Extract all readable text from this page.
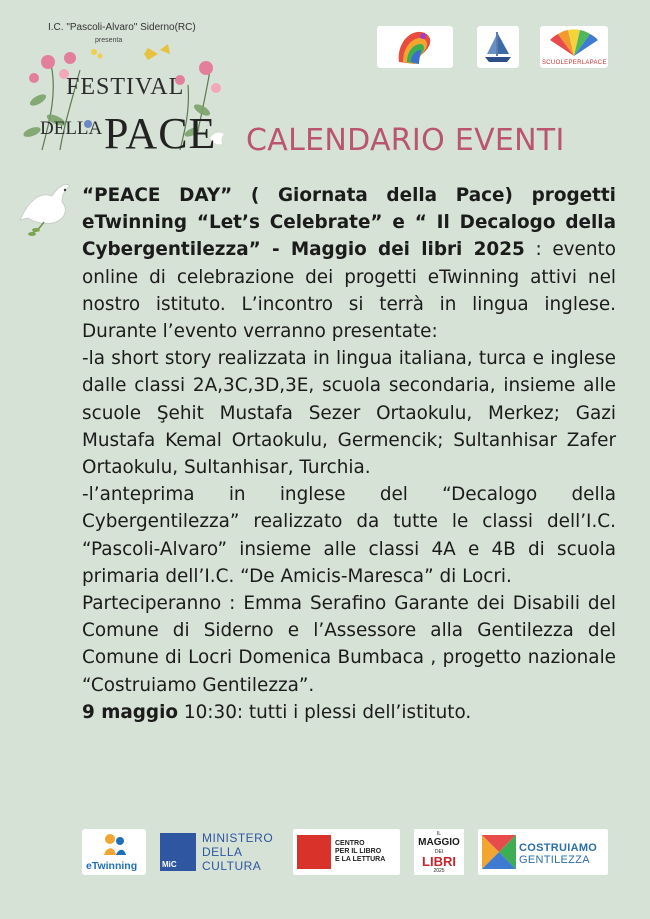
I.C. "Pascoli-Alvaro" Siderno(RC)
presenta
FESTIVAL
DELLA PACE CALENDARIO EVENTI
SCUOLEPERLAPACE

“PEACE DAY” ( Giornata della Pace) progetti eTwinning “Let’s Celebrate” e “ Il Decalogo della Cybergentilezza” - Maggio dei libri 2025 : evento online di celebrazione dei progetti eTwinning attivi nel nostro istituto. L’incontro si terrà in lingua inglese. Durante l’evento verranno presentate:

-la short story realizzata in lingua italiana, turca e inglese dalle classi 2A,3C,3D,3E, scuola secondaria, insieme alle scuole Şehit Mustafa Sezer Ortaokulu, Merkez; Gazi Mustafa Kemal Ortaokulu, Germencik; Sultanhisar Zafer Ortaokulu, Sultanhisar, Turchia.

-l’anteprima in inglese del “Decalogo della Cybergentilezza” realizzato da tutte le classi dell’I.C. “Pascoli-Alvaro” insieme alle classi 4A e 4B di scuola primaria dell’I.C. “De Amicis-Maresca” di Locri.

Parteciperanno : Emma Serafino Garante dei Disabili del Comune di Siderno e l’Assessore alla Gentilezza del Comune di Locri Domenica Bumbaca , progetto nazionale “Costruiamo Gentilezza”.

9 maggio 10:30: tutti i plessi dell’istituto.

eTwinning	MiC
MINISTERO
DELLA
CULTURA
CENTRO
PER IL LIBRO
E LA LETTURA
IL
MAGGIO
DEI
LIBRI
2025
COSTRUIAMO
GENTILEZZA
